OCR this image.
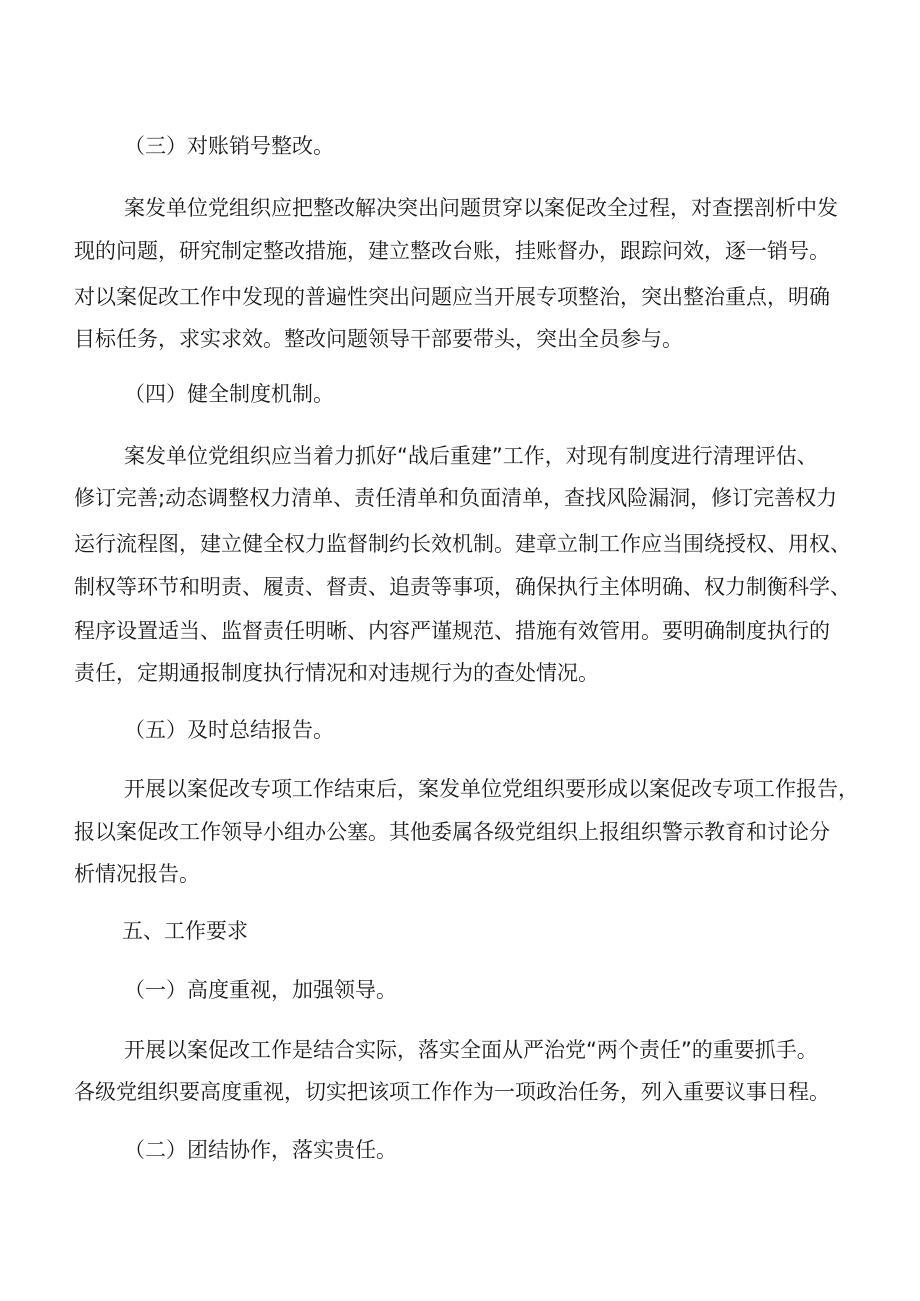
（三）对账销号整改。
案发单位党组织应把整改解决突出问题贯穿以案促改全过程，对查摆剖析中发
现的问题，研究制定整改措施，建立整改台账，挂账督办，跟踪问效，逐一销号。
对以案促改工作中发现的普遍性突出问题应当开展专项整治，突出整治重点，明确
目标任务，求实求效。整改问题领导干部要带头，突出全员参与。
（四）健全制度机制。
案发单位党组织应当着力抓好“战后重建”工作，对现有制度进行清理评估、
修订完善;动态调整权力清单、责任清单和负面清单，查找风险漏洞，修订完善权力
运行流程图，建立健全权力监督制约长效机制。建章立制工作应当围绕授权、用权、
制权等环节和明责、履责、督责、追责等事项，确保执行主体明确、权力制衡科学、
程序设置适当、监督责任明晰、内容严谨规范、措施有效管用。要明确制度执行的
责任，定期通报制度执行情况和对违规行为的查处情况。
（五）及时总结报告。
开展以案促改专项工作结束后，案发单位党组织要形成以案促改专项工作报告，
报以案促改工作领导小组办公塞。其他委属各级党组织上报组织警示教育和讨论分
析情况报告。
五、工作要求
（一）高度重视，加强领导。
开展以案促改工作是结合实际，落实全面从严治党“两个责任”的重要抓手。
各级党组织要高度重视，切实把该项工作作为一项政治任务，列入重要议事日程。
（二）团结协作，落实贵任。
